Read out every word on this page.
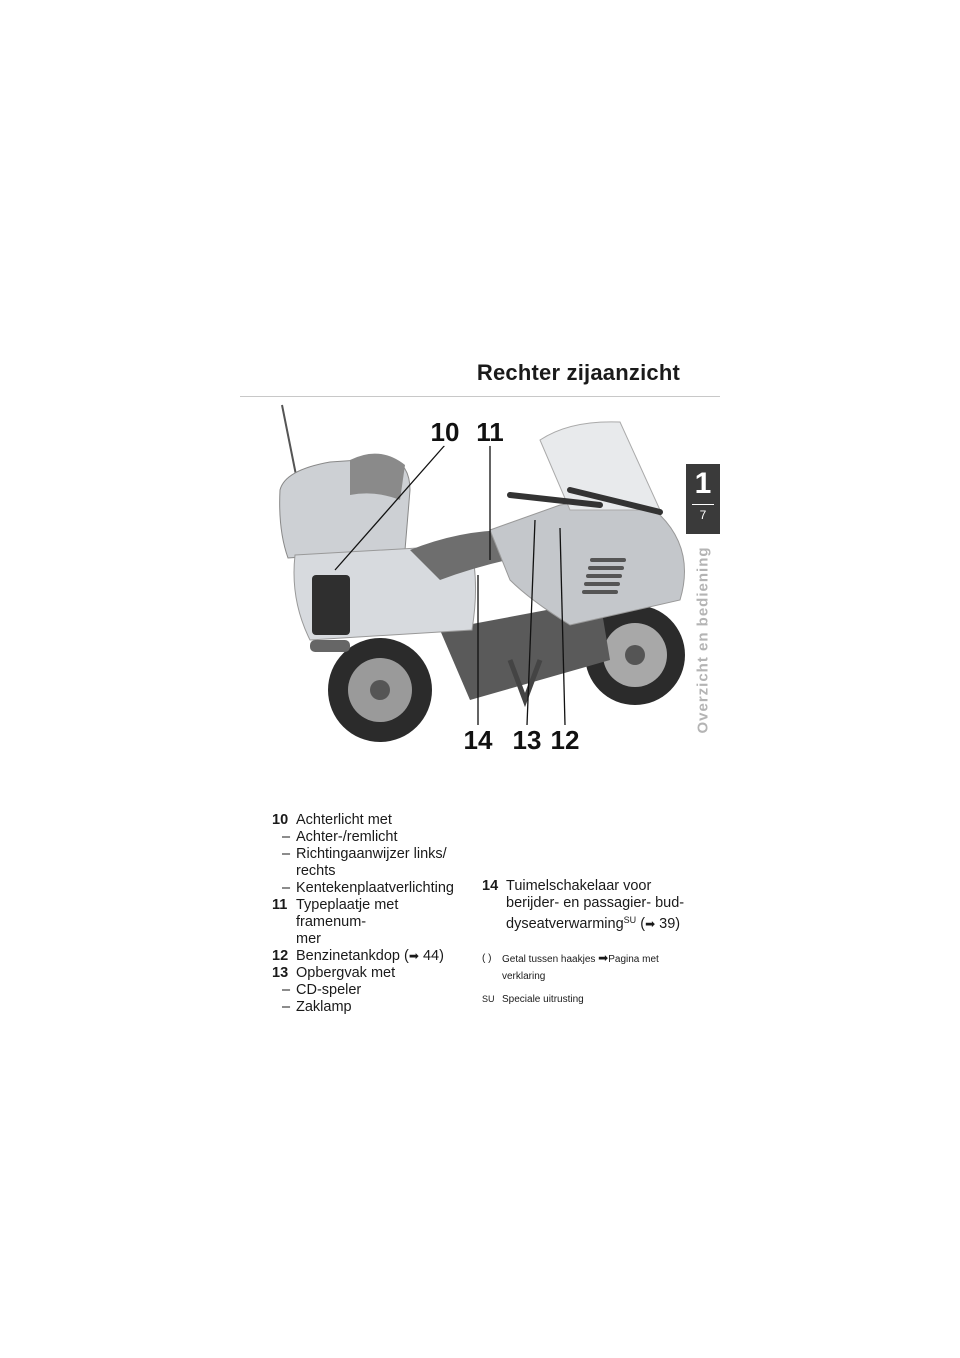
Rechter zijaanzicht
1
7
Overzicht en bediening
10 11
12
13
14
10 Achterlicht met
– Achter-/remlicht
– Richtingaanwijzer links/
rechts
– Kentekenplaatverlichting
11 Typeplaatje met framenum-
mer
12 Benzinetankdop (➡ 44)
13 Opbergvak met
– CD-speler
– Zaklamp
14 Tuimelschakelaar voor
berijder- en passagier- bud-
dyseatverwarming$^{SU}$ (➡ 39)
( ) Getal tussen haakjes ➡Pagina met
verklaring
SU Speciale uitrusting
